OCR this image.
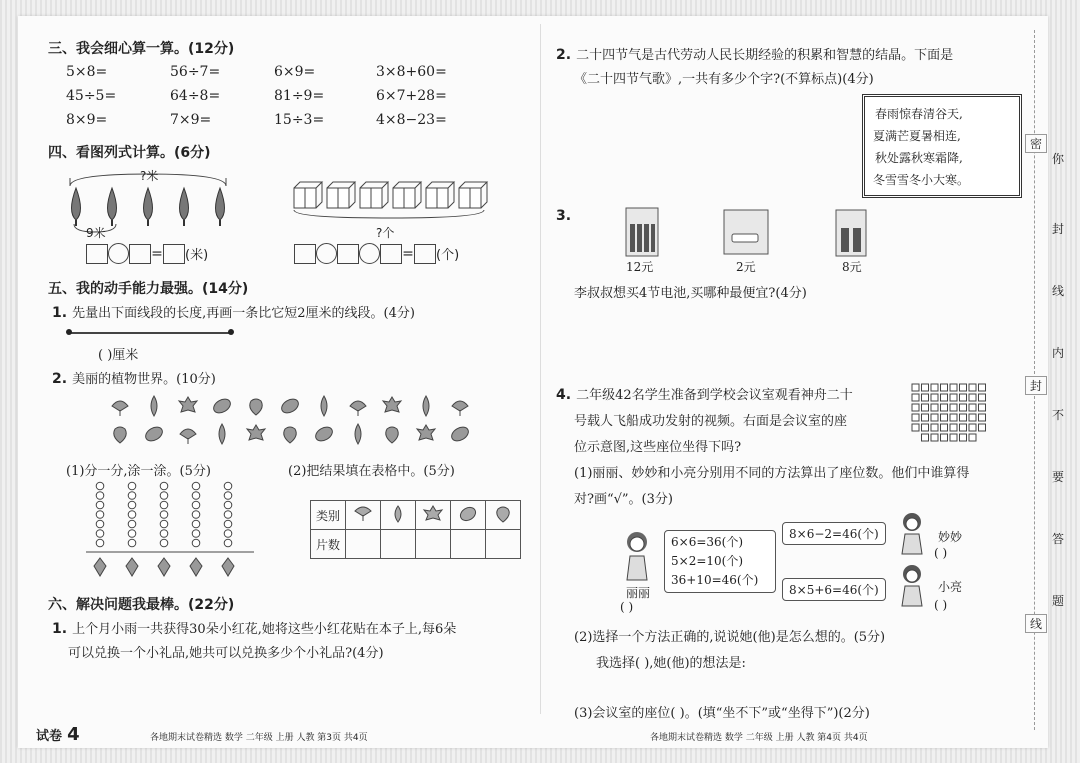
三、我会细心算一算。(12分)
5×8=	56÷7=	6×9=	3×8+60=
45÷5=	64÷8=	81÷9=	6×7+28=
8×9=	7×9=	15÷3=	4×8−23=
四、看图列式计算。(6分)
?米
9米
= (米)
?个
= (个)
五、我的动手能力最强。(14分)
1. 先量出下面线段的长度,再画一条比它短2厘米的线段。(4分)
( )厘米
2. 美丽的植物世界。(10分)
(1)分一分,涂一涂。(5分)	(2)把结果填在表格中。(5分)
类别					
片数					
六、解决问题我最棒。(22分)
1. 上个月小雨一共获得30朵小红花,她将这些小红花贴在本子上,每6朵
可以兑换一个小礼品,她共可以兑换多少个小礼品?(4分)
试卷 4	各地期末试卷精选 数学 二年级 上册 人教 第3页 共4页
2. 二十四节气是古代劳动人民长期经验的积累和智慧的结晶。下面是
《二十四节气歌》,一共有多少个字?(不算标点)(4分)
春雨惊春清谷天,
夏满芒夏暑相连,
秋处露秋寒霜降,
冬雪雪冬小大寒。
3.
12元	2元	8元
李叔叔想买4节电池,买哪种最便宜?(4分)
4. 二年级42名学生准备到学校会议室观看神舟二十
号载人飞船成功发射的视频。右面是会议室的座
位示意图,这些座位坐得下吗?
(1)丽丽、妙妙和小亮分别用不同的方法算出了座位数。他们中谁算得
对?画“√”。(3分)
丽丽
( )
6×6=36(个)
5×2=10(个)
36+10=46(个)
8×6−2=46(个)	妙妙
( )
8×5+6=46(个)	小亮
( )
(2)选择一个方法正确的,说说她(他)是怎么想的。(5分)
我选择( ),她(他)的想法是:
(3)会议室的座位( )。(填“坐不下”或“坐得下”)(2分)
各地期末试卷精选 数学 二年级 上册 人教 第4页 共4页
密
封
线
你
封
线
内
不
要
答
题
